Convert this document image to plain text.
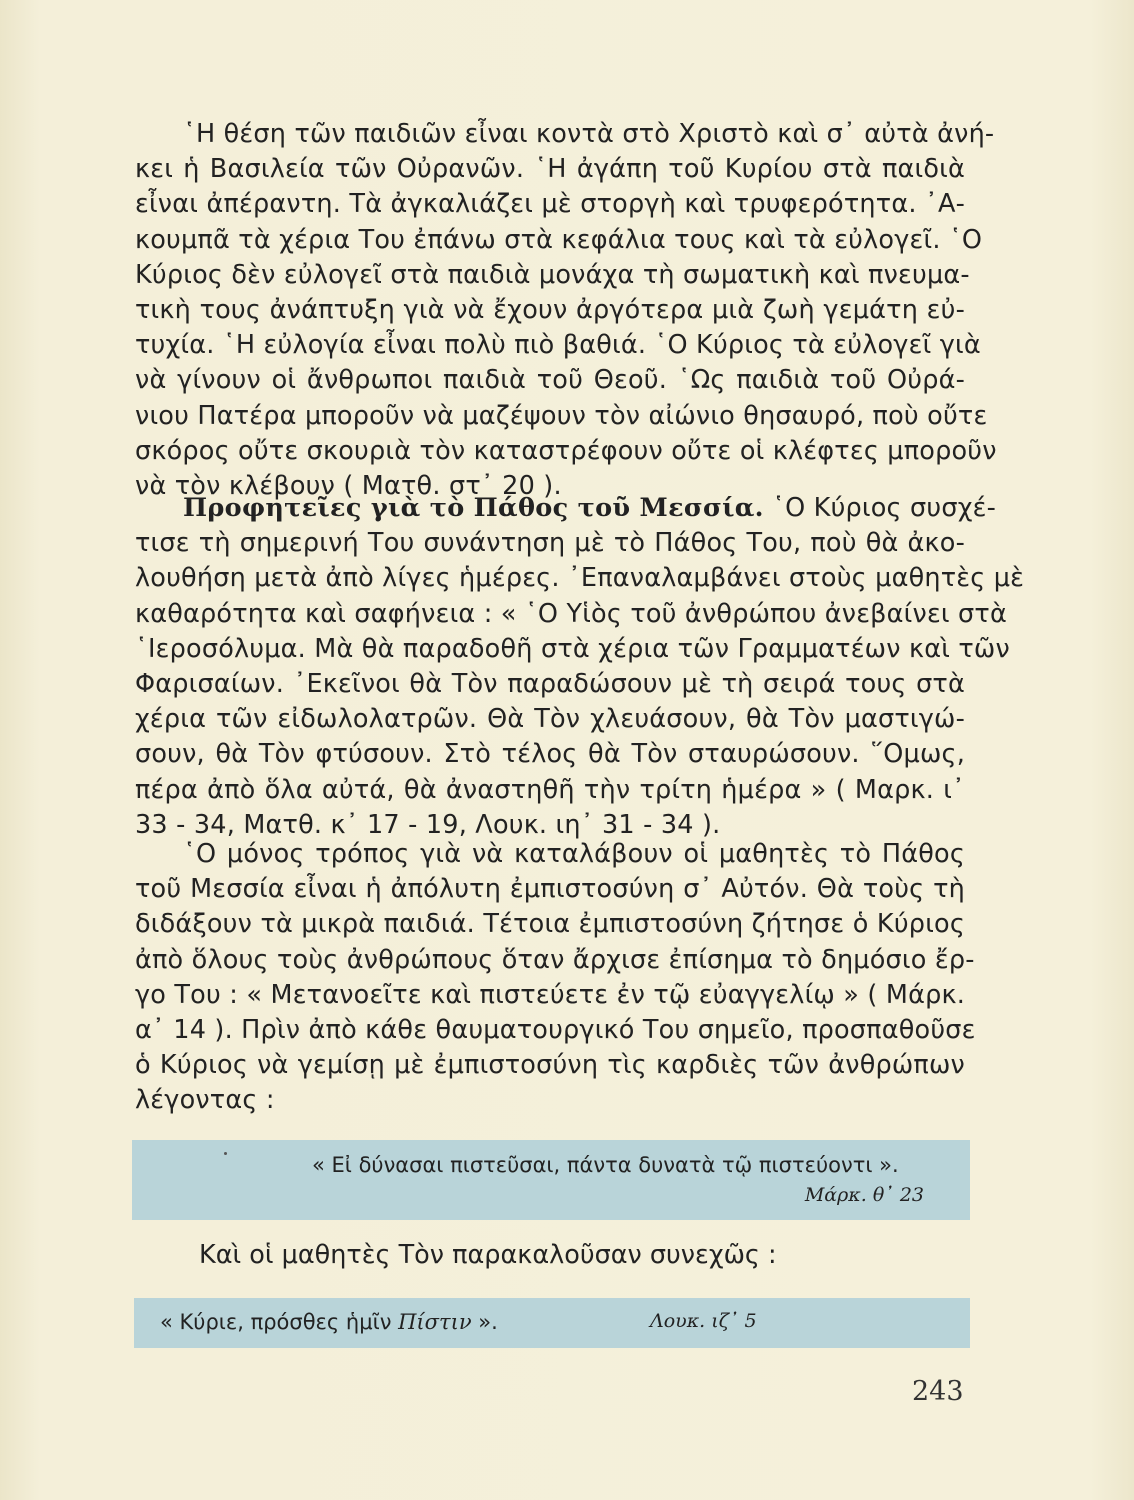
῾Η θέση τῶν παιδιῶν εἶναι κοντὰ στὸ Χριστὸ καὶ σ᾿ αὐτὰ ἀνή-
κει ἡ Βασιλεία τῶν Οὐρανῶν. ῾Η ἀγάπη τοῦ Κυρίου στὰ παιδιὰ
εἶναι ἀπέραντη. Τὰ ἀγκαλιάζει μὲ στοργὴ καὶ τρυφερότητα. ᾿Α-
κουμπᾶ τὰ χέρια Του ἐπάνω στὰ κεφάλια τους καὶ τὰ εὐλογεῖ. ῾Ο
Κύριος δὲν εὐλογεῖ στὰ παιδιὰ μονάχα τὴ σωματικὴ καὶ πνευμα-
τικὴ τους ἀνάπτυξη γιὰ νὰ ἔχουν ἀργότερα μιὰ ζωὴ γεμάτη εὐ-
τυχία. ῾Η εὐλογία εἶναι πολὺ πιὸ βαθιά. ῾Ο Κύριος τὰ εὐλογεῖ γιὰ
νὰ γίνουν οἱ ἄνθρωποι παιδιὰ τοῦ Θεοῦ. ῾Ως παιδιὰ τοῦ Οὐρά-
νιου Πατέρα μποροῦν νὰ μαζέψουν τὸν αἰώνιο θησαυρό, ποὺ οὔτε
σκόρος οὔτε σκουριὰ τὸν καταστρέφουν οὔτε οἱ κλέφτες μποροῦν
νὰ τὸν κλέβουν ( Ματθ. στ᾿ 20 ).
Προφητεῖες γιὰ τὸ Πάθος τοῦ Μεσσία. ῾Ο Κύριος συσχέ-
τισε τὴ σημερινή Του συνάντηση μὲ τὸ Πάθος Του, ποὺ θὰ ἀκο-
λουθήση μετὰ ἀπὸ λίγες ἡμέρες. ᾿Επαναλαμβάνει στοὺς μαθητὲς μὲ
καθαρότητα καὶ σαφήνεια : « ῾Ο Υἱὸς τοῦ ἀνθρώπου ἀνεβαίνει στὰ
῾Ιεροσόλυμα. Μὰ θὰ παραδοθῆ στὰ χέρια τῶν Γραμματέων καὶ τῶν
Φαρισαίων. ᾿Εκεῖνοι θὰ Τὸν παραδώσουν μὲ τὴ σειρά τους στὰ
χέρια τῶν εἰδωλολατρῶν. Θὰ Τὸν χλευάσουν, θὰ Τὸν μαστιγώ-
σουν, θὰ Τὸν φτύσουν. Στὸ τέλος θὰ Τὸν σταυρώσουν. ῞Ομως,
πέρα ἀπὸ ὅλα αὐτά, θὰ ἀναστηθῆ τὴν τρίτη ἡμέρα » ( Μαρκ. ι᾿
33 - 34, Ματθ. κ᾿ 17 - 19, Λουκ. ιη᾿ 31 - 34 ).
῾Ο μόνος τρόπος γιὰ νὰ καταλάβουν οἱ μαθητὲς τὸ Πάθος
τοῦ Μεσσία εἶναι ἡ ἀπόλυτη ἐμπιστοσύνη σ᾿ Αὐτόν. Θὰ τοὺς τὴ
διδάξουν τὰ μικρὰ παιδιά. Τέτοια ἐμπιστοσύνη ζήτησε ὁ Κύριος
ἀπὸ ὅλους τοὺς ἀνθρώπους ὅταν ἄρχισε ἐπίσημα τὸ δημόσιο ἔρ-
γο Του : « Μετανοεῖτε καὶ πιστεύετε ἐν τῷ εὐαγγελίῳ » ( Μάρκ.
α᾿ 14 ). Πρὶν ἀπὸ κάθε θαυματουργικό Του σημεῖο, προσπαθοῦσε
ὁ Κύριος νὰ γεμίσῃ μὲ ἐμπιστοσύνη τὶς καρδιὲς τῶν ἀνθρώπων
λέγοντας :
« Εἰ δύνασαι πιστεῦσαι, πάντα δυνατὰ τῷ πιστεύοντι ».
Μάρκ. θ᾿ 23
Καὶ οἱ μαθητὲς Τὸν παρακαλοῦσαν συνεχῶς :
« Κύριε, πρόσθες ἡμῖν Πίστιν ».	Λουκ. ιζ᾿ 5
243
